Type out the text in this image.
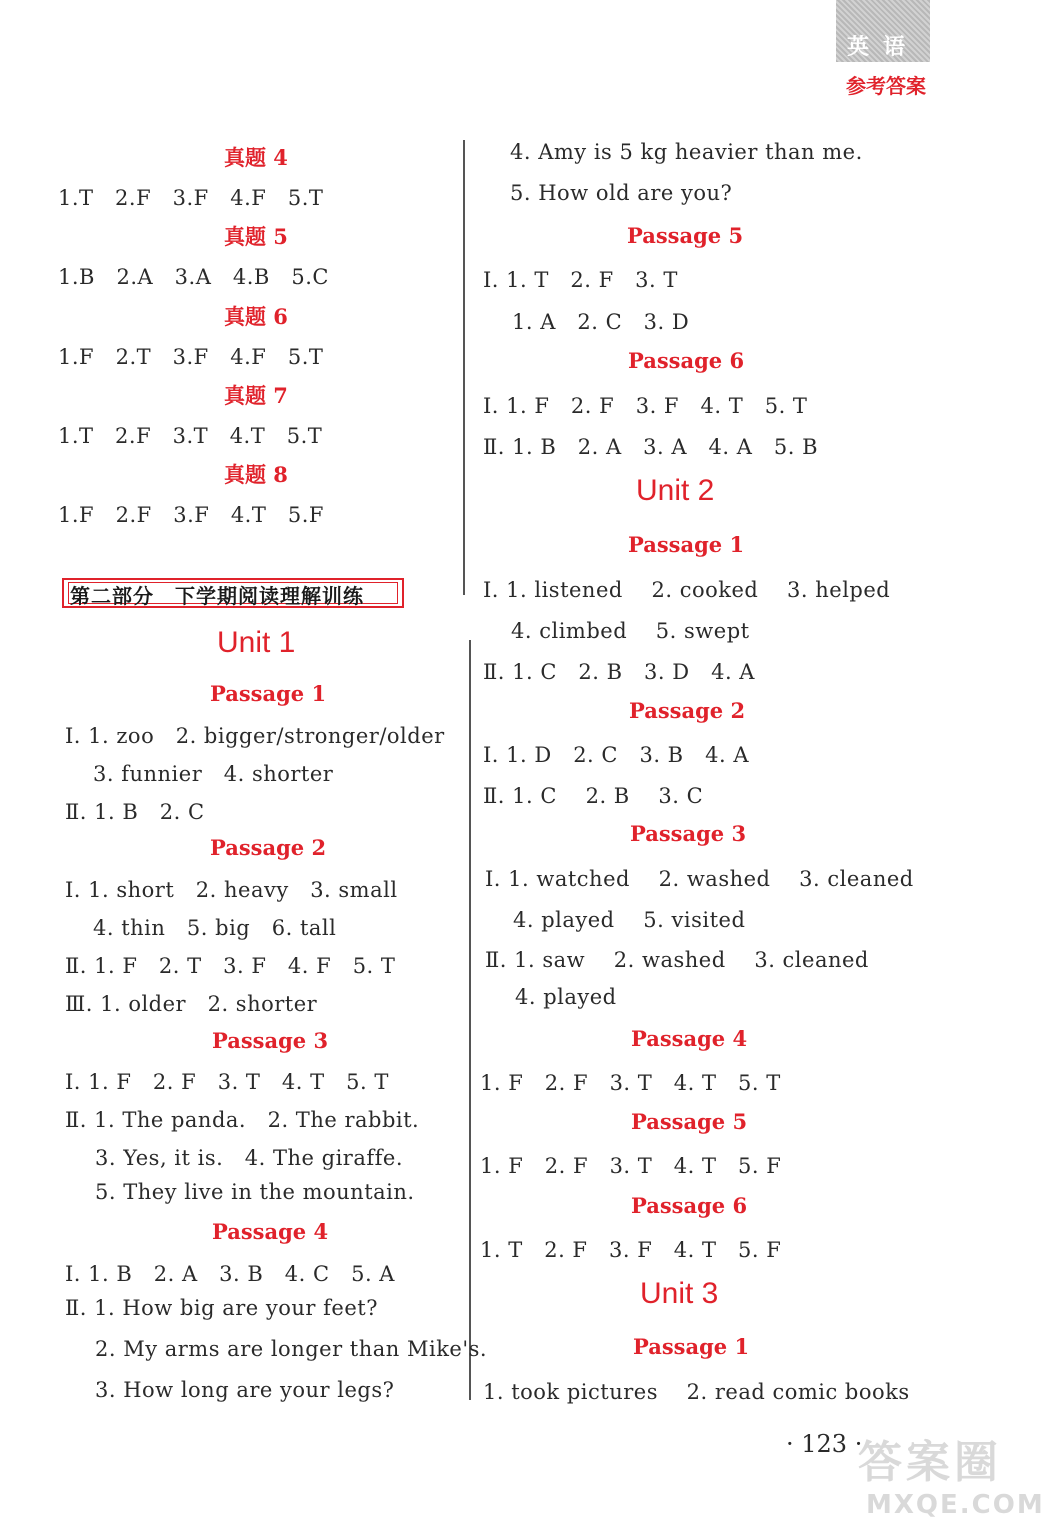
英语
参考答案
真题 4
1.T　2.F　3.F　4.F　5.T
真题 5
1.B　2.A　3.A　4.B　5.C
真题 6
1.F　2.T　3.F　4.F　5.T
真题 7
1.T　2.F　3.T　4.T　5.T
真题 8
1.F　2.F　3.F　4.T　5.F
第二部分　下学期阅读理解训练
Unit 1
Passage 1
Ⅰ. 1. zoo　2. bigger/stronger/older
3. funnier　4. shorter
Ⅱ. 1. B　2. C
Passage 2
Ⅰ. 1. short　2. heavy　3. small
4. thin　5. big　6. tall
Ⅱ. 1. F　2. T　3. F　4. F　5. T
Ⅲ. 1. older　2. shorter
Passage 3
Ⅰ. 1. F　2. F　3. T　4. T　5. T
Ⅱ. 1. The panda.　2. The rabbit.
3. Yes, it is.　4. The giraffe.
5. They live in the mountain.
Passage 4
Ⅰ. 1. B　2. A　3. B　4. C　5. A
Ⅱ. 1. How big are your feet?
2. My arms are longer than Mike's.
3. How long are your legs?
4. Amy is 5 kg heavier than me.
5. How old are you?
Passage 5
Ⅰ. 1. T　2. F　3. T
1. A　2. C　3. D
Passage 6
Ⅰ. 1. F　2. F　3. F　4. T　5. T
Ⅱ. 1. B　2. A　3. A　4. A　5. B
Unit 2
Passage 1
Ⅰ. 1. listened　 2. cooked　 3. helped
4. climbed　 5. swept
Ⅱ. 1. C　2. B　3. D　4. A
Passage 2
Ⅰ. 1. D　2. C　3. B　4. A
Ⅱ. 1. C　 2. B　 3. C
Passage 3
Ⅰ. 1. watched　 2. washed　 3. cleaned
4. played　 5. visited
Ⅱ. 1. saw　 2. washed　 3. cleaned
4. played
Passage 4
1. F　2. F　3. T　4. T　5. T
Passage 5
1. F　2. F　3. T　4. T　5. F
Passage 6
1. T　2. F　3. F　4. T　5. F
Unit 3
Passage 1
1. took pictures　 2. read comic books
· 123 ·
答案圈
MXQE.COM
